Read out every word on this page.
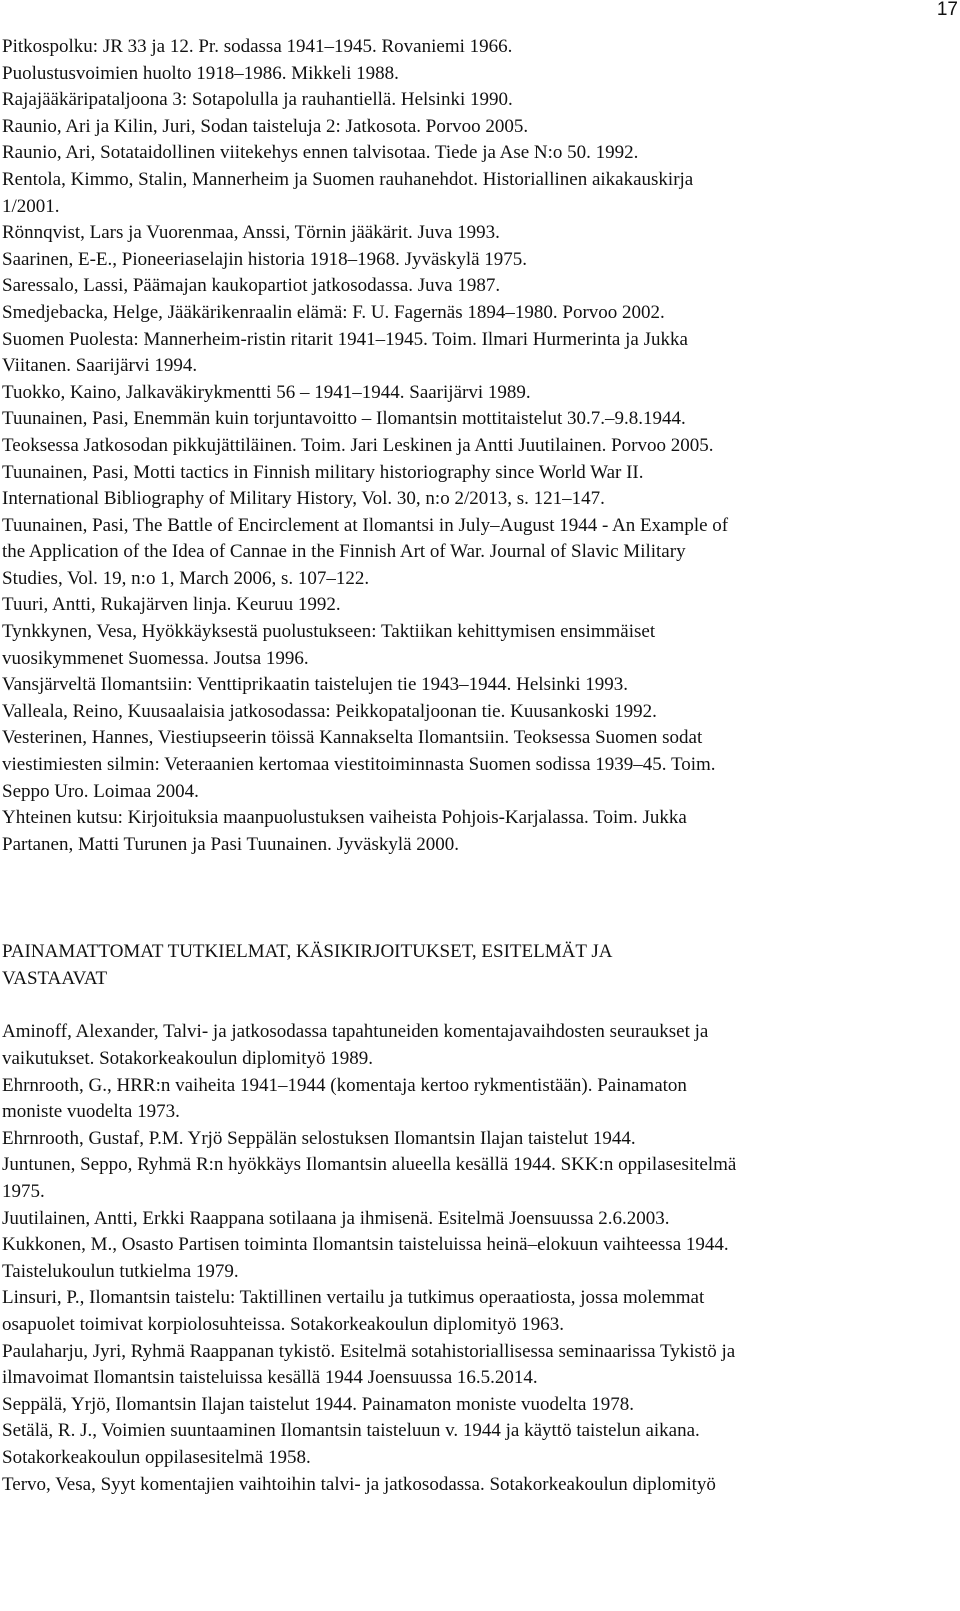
17
Pitkospolku: JR 33 ja 12. Pr. sodassa 1941–1945. Rovaniemi 1966.
Puolustusvoimien huolto 1918–1986. Mikkeli 1988.
Rajajääkäripataljoona 3: Sotapolulla ja rauhantiellä. Helsinki 1990.
Raunio, Ari ja Kilin, Juri, Sodan taisteluja 2: Jatkosota. Porvoo 2005.
Raunio, Ari, Sotataidollinen viitekehys ennen talvisotaa. Tiede ja Ase N:o 50. 1992.
Rentola, Kimmo, Stalin, Mannerheim ja Suomen rauhanehdot. Historiallinen aikakauskirja
1/2001.
Rönnqvist, Lars ja Vuorenmaa, Anssi, Törnin jääkärit. Juva 1993.
Saarinen, E-E., Pioneeriaselajin historia 1918–1968. Jyväskylä 1975.
Saressalo, Lassi, Päämajan kaukopartiot jatkosodassa. Juva 1987.
Smedjebacka, Helge, Jääkärikenraalin elämä: F. U. Fagernäs 1894–1980. Porvoo 2002.
Suomen Puolesta: Mannerheim-ristin ritarit 1941–1945. Toim. Ilmari Hurmerinta ja Jukka
Viitanen. Saarijärvi 1994.
Tuokko, Kaino, Jalkaväkirykmentti 56 – 1941–1944. Saarijärvi 1989.
Tuunainen, Pasi, Enemmän kuin torjuntavoitto – Ilomantsin mottitaistelut 30.7.–9.8.1944.
Teoksessa Jatkosodan pikkujättiläinen. Toim. Jari Leskinen ja Antti Juutilainen. Porvoo 2005.
Tuunainen, Pasi, Motti tactics in Finnish military historiography since World War II.
International Bibliography of Military History, Vol. 30, n:o 2/2013, s. 121–147.
Tuunainen, Pasi, The Battle of Encirclement at Ilomantsi in July–August 1944 - An Example of
the Application of the Idea of Cannae in the Finnish Art of War. Journal of Slavic Military
Studies, Vol. 19, n:o 1, March 2006, s. 107–122.
Tuuri, Antti, Rukajärven linja. Keuruu 1992.
Tynkkynen, Vesa, Hyökkäyksestä puolustukseen: Taktiikan kehittymisen ensimmäiset
vuosikymmenet Suomessa. Joutsa 1996.
Vansjärveltä Ilomantsiin: Venttiprikaatin taistelujen tie 1943–1944. Helsinki 1993.
Valleala, Reino, Kuusaalaisia jatkosodassa: Peikkopataljoonan tie. Kuusankoski 1992.
Vesterinen, Hannes, Viestiupseerin töissä Kannakselta Ilomantsiin. Teoksessa Suomen sodat
viestimiesten silmin: Veteraanien kertomaa viestitoiminnasta Suomen sodissa 1939–45. Toim.
Seppo Uro. Loimaa 2004.
Yhteinen kutsu: Kirjoituksia maanpuolustuksen vaiheista Pohjois-Karjalassa. Toim. Jukka
Partanen, Matti Turunen ja Pasi Tuunainen. Jyväskylä 2000.
PAINAMATTOMAT TUTKIELMAT, KÄSIKIRJOITUKSET, ESITELMÄT JA
VASTAAVAT
Aminoff, Alexander, Talvi- ja jatkosodassa tapahtuneiden komentajavaihdosten seuraukset ja
vaikutukset. Sotakorkeakoulun diplomityö 1989.
Ehrnrooth, G., HRR:n vaiheita 1941–1944 (komentaja kertoo rykmentistään). Painamaton
moniste vuodelta 1973.
Ehrnrooth, Gustaf, P.M. Yrjö Seppälän selostuksen Ilomantsin Ilajan taistelut 1944.
Juntunen, Seppo, Ryhmä R:n hyökkäys Ilomantsin alueella kesällä 1944. SKK:n oppilasesitelmä
1975.
Juutilainen, Antti, Erkki Raappana sotilaana ja ihmisenä. Esitelmä Joensuussa 2.6.2003.
Kukkonen, M., Osasto Partisen toiminta Ilomantsin taisteluissa heinä–elokuun vaihteessa 1944.
Taistelukoulun tutkielma 1979.
Linsuri, P., Ilomantsin taistelu: Taktillinen vertailu ja tutkimus operaatiosta, jossa molemmat
osapuolet toimivat korpiolosuhteissa. Sotakorkeakoulun diplomityö 1963.
Paulaharju, Jyri, Ryhmä Raappanan tykistö. Esitelmä sotahistoriallisessa seminaarissa Tykistö ja
ilmavoimat Ilomantsin taisteluissa kesällä 1944 Joensuussa 16.5.2014.
Seppälä, Yrjö, Ilomantsin Ilajan taistelut 1944. Painamaton moniste vuodelta 1978.
Setälä, R. J., Voimien suuntaaminen Ilomantsin taisteluun v. 1944 ja käyttö taistelun aikana.
Sotakorkeakoulun oppilasesitelmä 1958.
Tervo, Vesa, Syyt komentajien vaihtoihin talvi- ja jatkosodassa. Sotakorkeakoulun diplomityö
